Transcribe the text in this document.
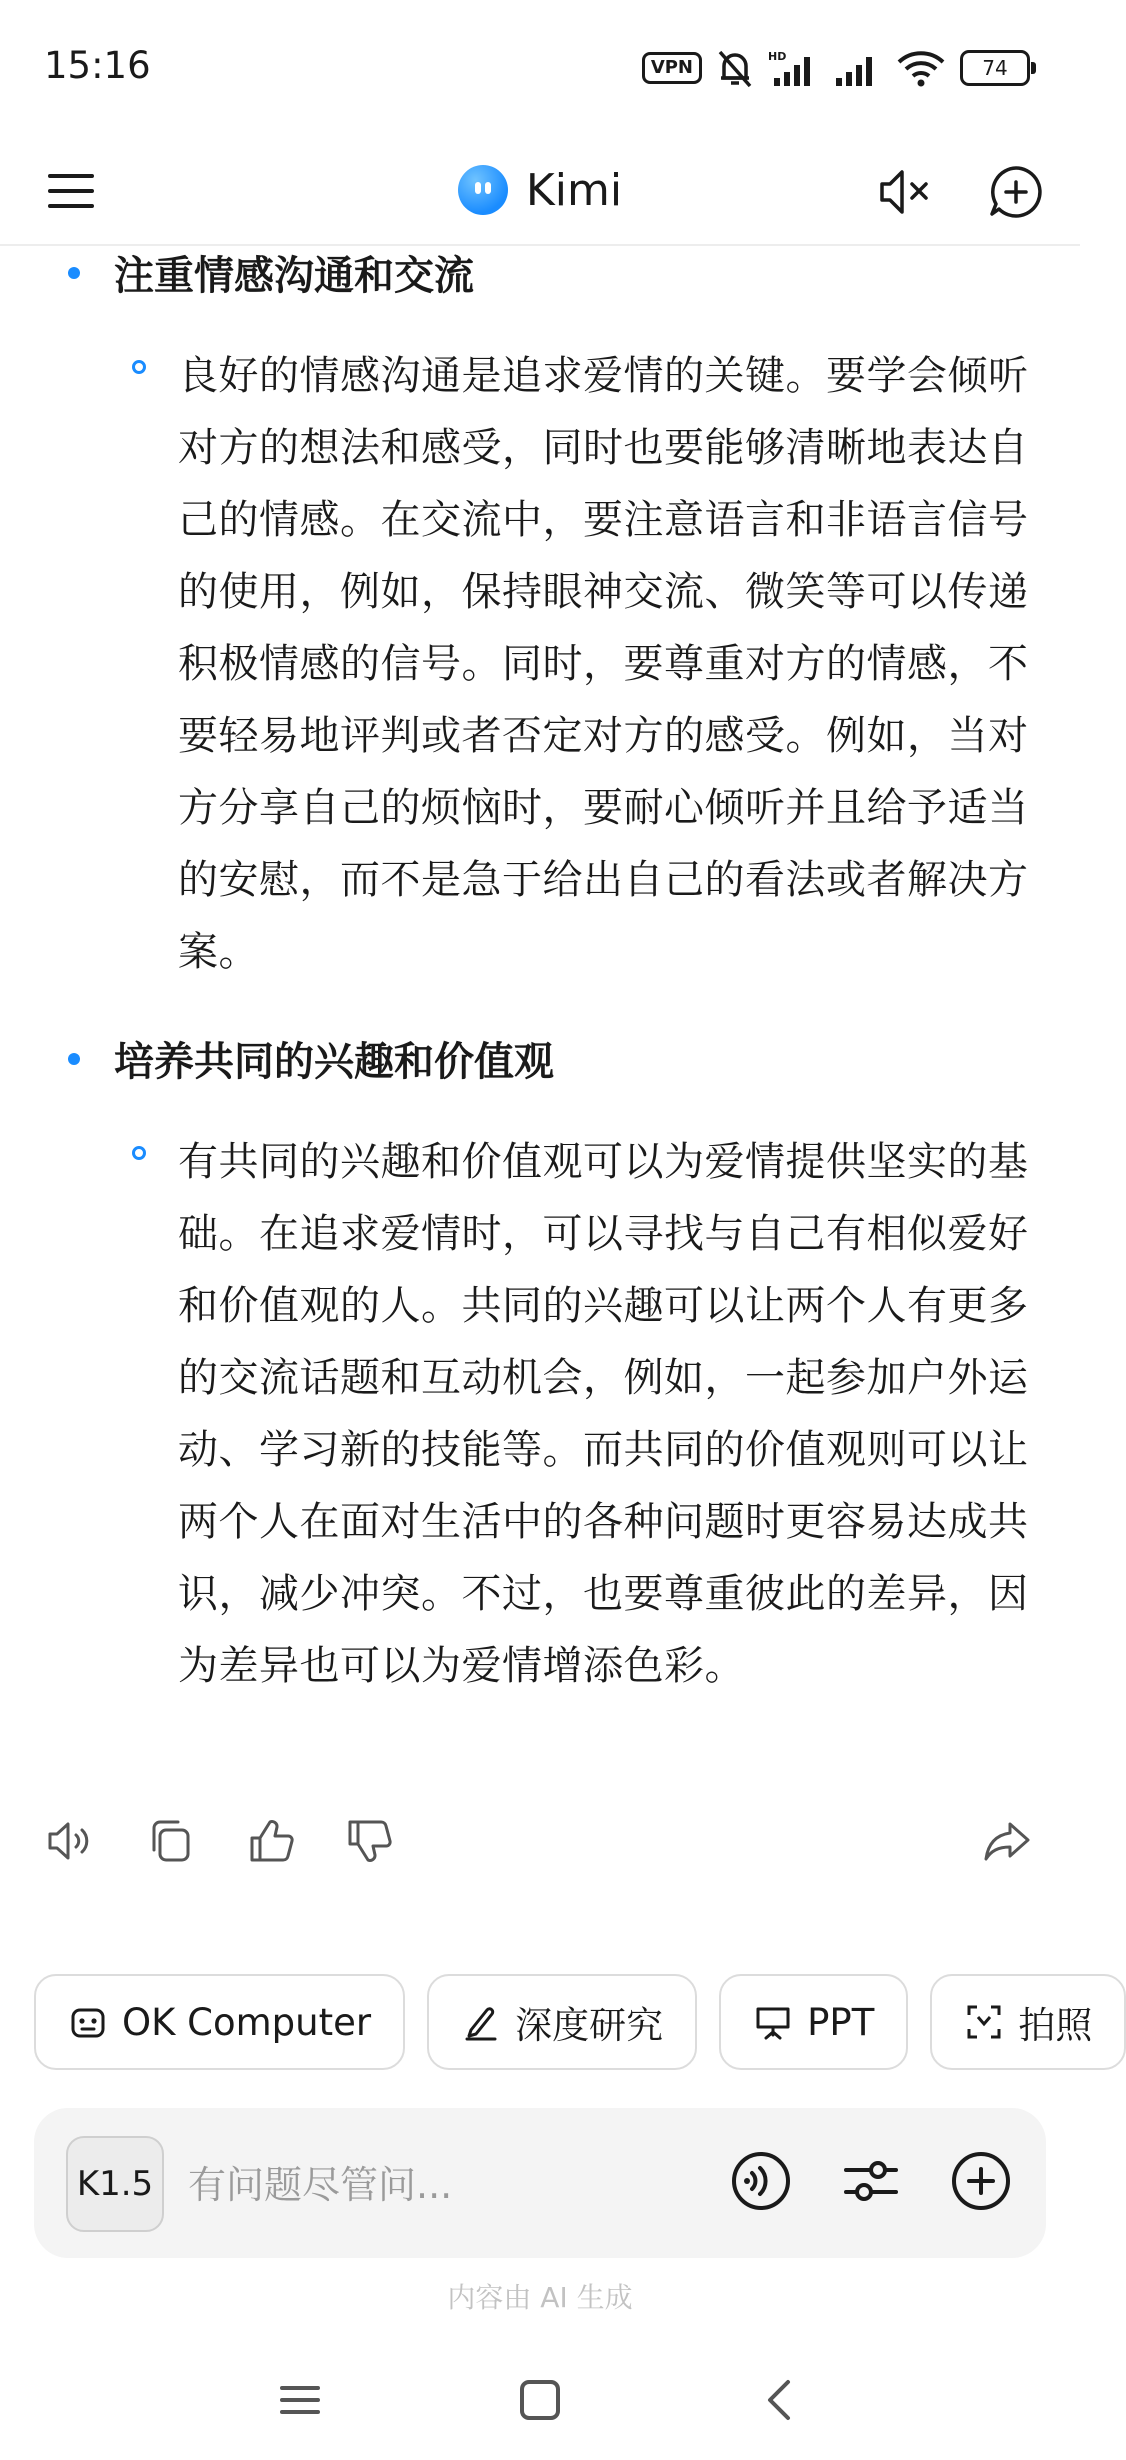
15:16	VPN
HD	74
Kimi
注重情感沟通和交流
良好的情感沟通是追求爱情的关键。要学会倾听对方的想法和感受，同时也要能够清晰地表达自己的情感。在交流中，要注意语言和非语言信号的使用，例如，保持眼神交流、微笑等可以传递积极情感的信号。同时，要尊重对方的情感，不要轻易地评判或者否定对方的感受。例如，当对方分享自己的烦恼时，要耐心倾听并且给予适当的安慰，而不是急于给出自己的看法或者解决方案。
培养共同的兴趣和价值观
有共同的兴趣和价值观可以为爱情提供坚实的基础。在追求爱情时，可以寻找与自己有相似爱好和价值观的人。共同的兴趣可以让两个人有更多的交流话题和互动机会，例如，一起参加户外运动、学习新的技能等。而共同的价值观则可以让两个人在面对生活中的各种问题时更容易达成共识，减少冲突。不过，也要尊重彼此的差异，因为差异也可以为爱情增添色彩。
OK Computer	深度研究	PPT	拍照
K1.5
有问题尽管问...
内容由 AI 生成
